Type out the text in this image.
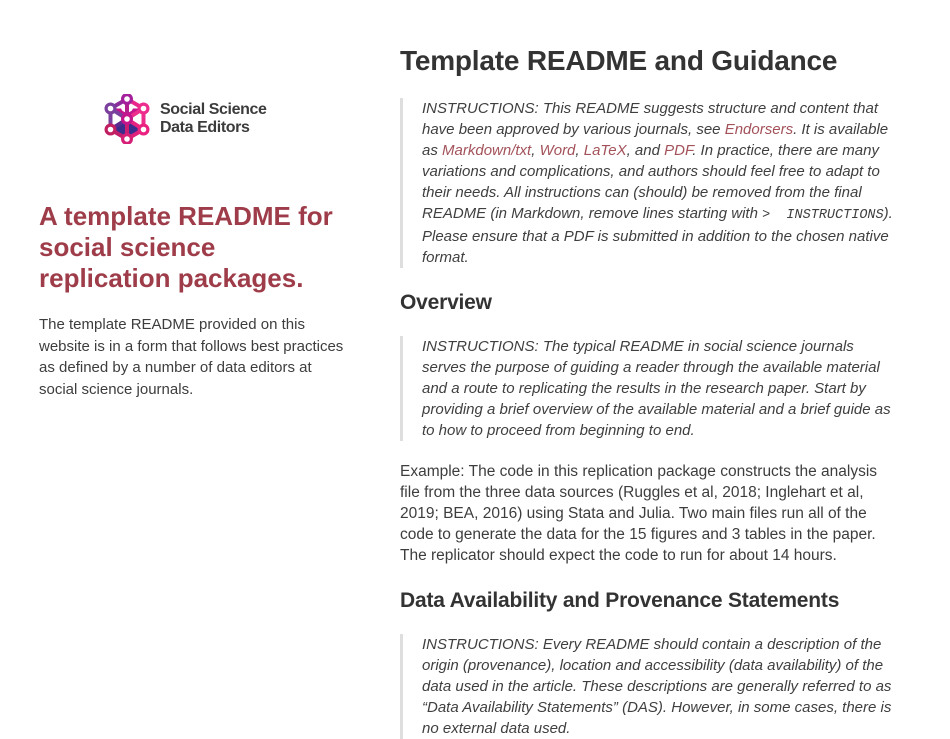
Social Science
Data Editors
A template README for social science replication packages.

The template README provided on this website is in a form that follows best practices as defined by a number of data editors at social science journals.

Template README and Guidance
INSTRUCTIONS: This README suggests structure and content that have been approved by various journals, see Endorsers. It is available as Markdown/txt, Word, LaTeX, and PDF. In practice, there are many variations and complications, and authors should feel free to adapt to their needs. All instructions can (should) be removed from the final README (in Markdown, remove lines starting with >  INSTRUCTIONS). Please ensure that a PDF is submitted in addition to the chosen native format.
Overview
INSTRUCTIONS: The typical README in social science journals serves the purpose of guiding a reader through the available material and a route to replicating the results in the research paper. Start by providing a brief overview of the available material and a brief guide as to how to proceed from beginning to end.

Example: The code in this replication package constructs the analysis file from the three data sources (Ruggles et al, 2018; Inglehart et al, 2019; BEA, 2016) using Stata and Julia. Two main files run all of the code to generate the data for the 15 figures and 3 tables in the paper. The replicator should expect the code to run for about 14 hours.

Data Availability and Provenance Statements
INSTRUCTIONS: Every README should contain a description of the origin (provenance), location and accessibility (data availability) of the data used in the article. These descriptions are generally referred to as “Data Availability Statements” (DAS). However, in some cases, there is no external data used.
